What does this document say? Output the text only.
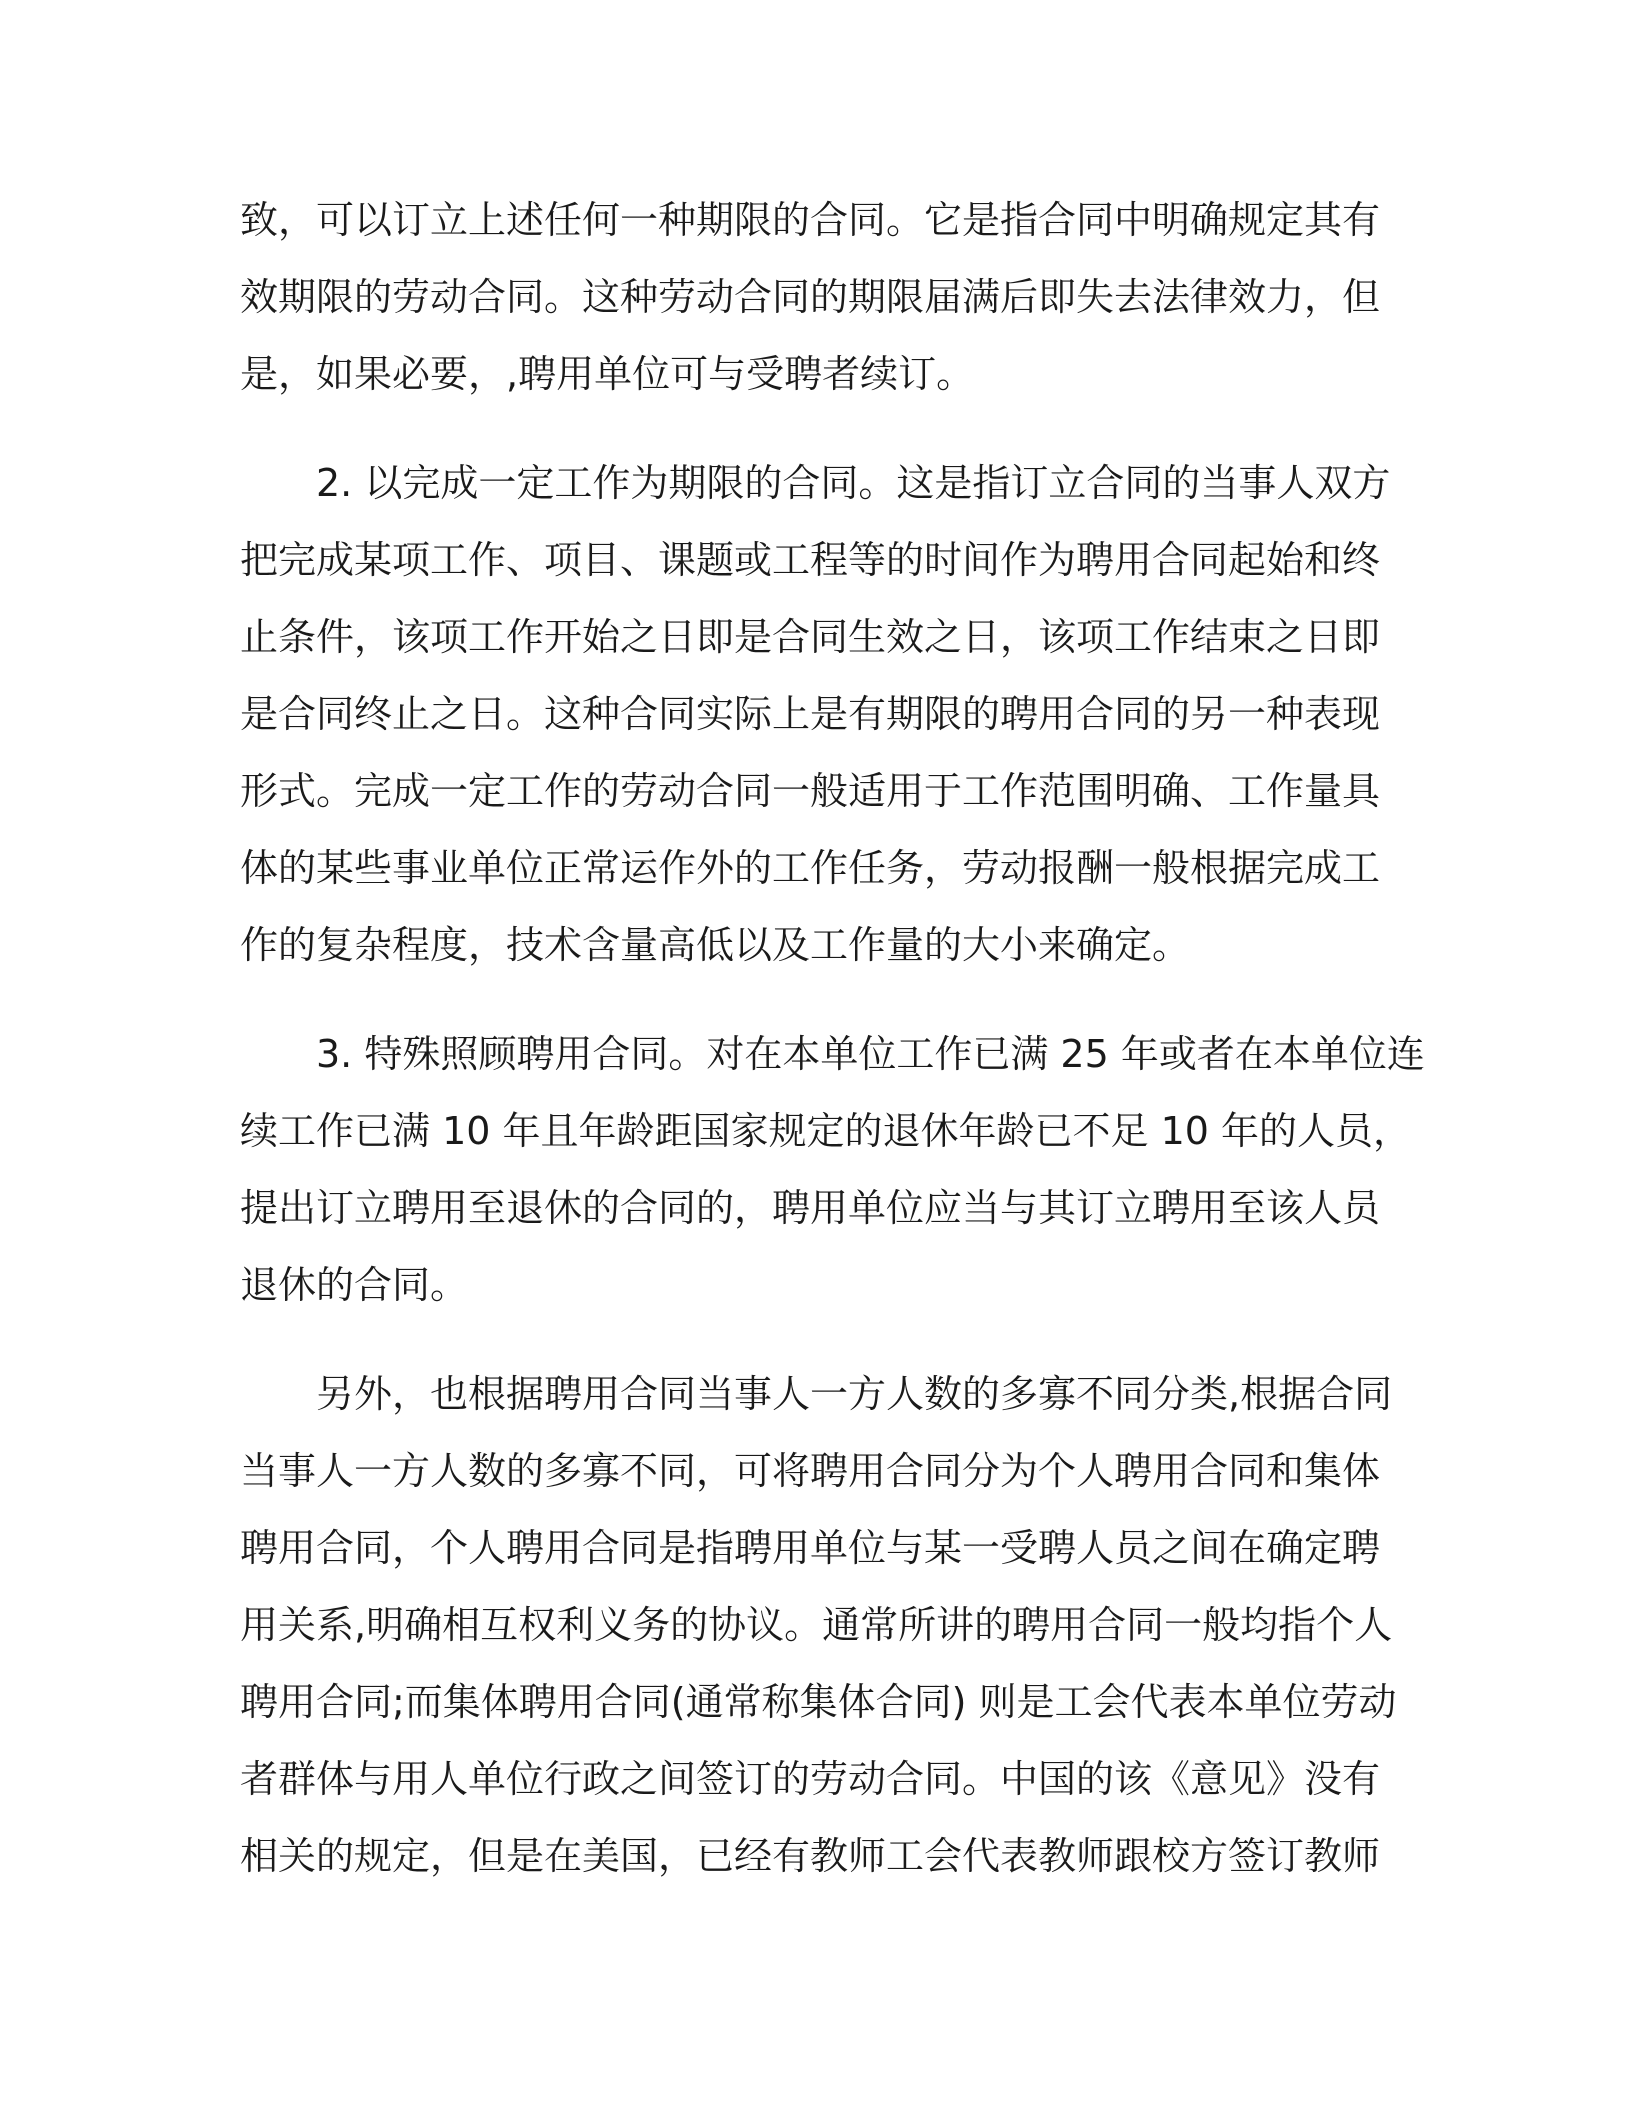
致，可以订立上述任何一种期限的合同。它是指合同中明确规定其有
效期限的劳动合同。这种劳动合同的期限届满后即失去法律效力，但
是，如果必要，,聘用单位可与受聘者续订。
2. 以完成一定工作为期限的合同。这是指订立合同的当事人双方
把完成某项工作、项目、课题或工程等的时间作为聘用合同起始和终
止条件，该项工作开始之日即是合同生效之日，该项工作结束之日即
是合同终止之日。这种合同实际上是有期限的聘用合同的另一种表现
形式。完成一定工作的劳动合同一般适用于工作范围明确、工作量具
体的某些事业单位正常运作外的工作任务，劳动报酬一般根据完成工
作的复杂程度，技术含量高低以及工作量的大小来确定。
3. 特殊照顾聘用合同。对在本单位工作已满 25 年或者在本单位连
续工作已满 10 年且年龄距国家规定的退休年龄已不足 10 年的人员，
提出订立聘用至退休的合同的，聘用单位应当与其订立聘用至该人员
退休的合同。
另外，也根据聘用合同当事人一方人数的多寡不同分类,根据合同
当事人一方人数的多寡不同，可将聘用合同分为个人聘用合同和集体
聘用合同，个人聘用合同是指聘用单位与某一受聘人员之间在确定聘
用关系,明确相互权利义务的协议。通常所讲的聘用合同一般均指个人
聘用合同;而集体聘用合同(通常称集体合同) 则是工会代表本单位劳动
者群体与用人单位行政之间签订的劳动合同。中国的该《意见》没有
相关的规定，但是在美国，已经有教师工会代表教师跟校方签订教师
